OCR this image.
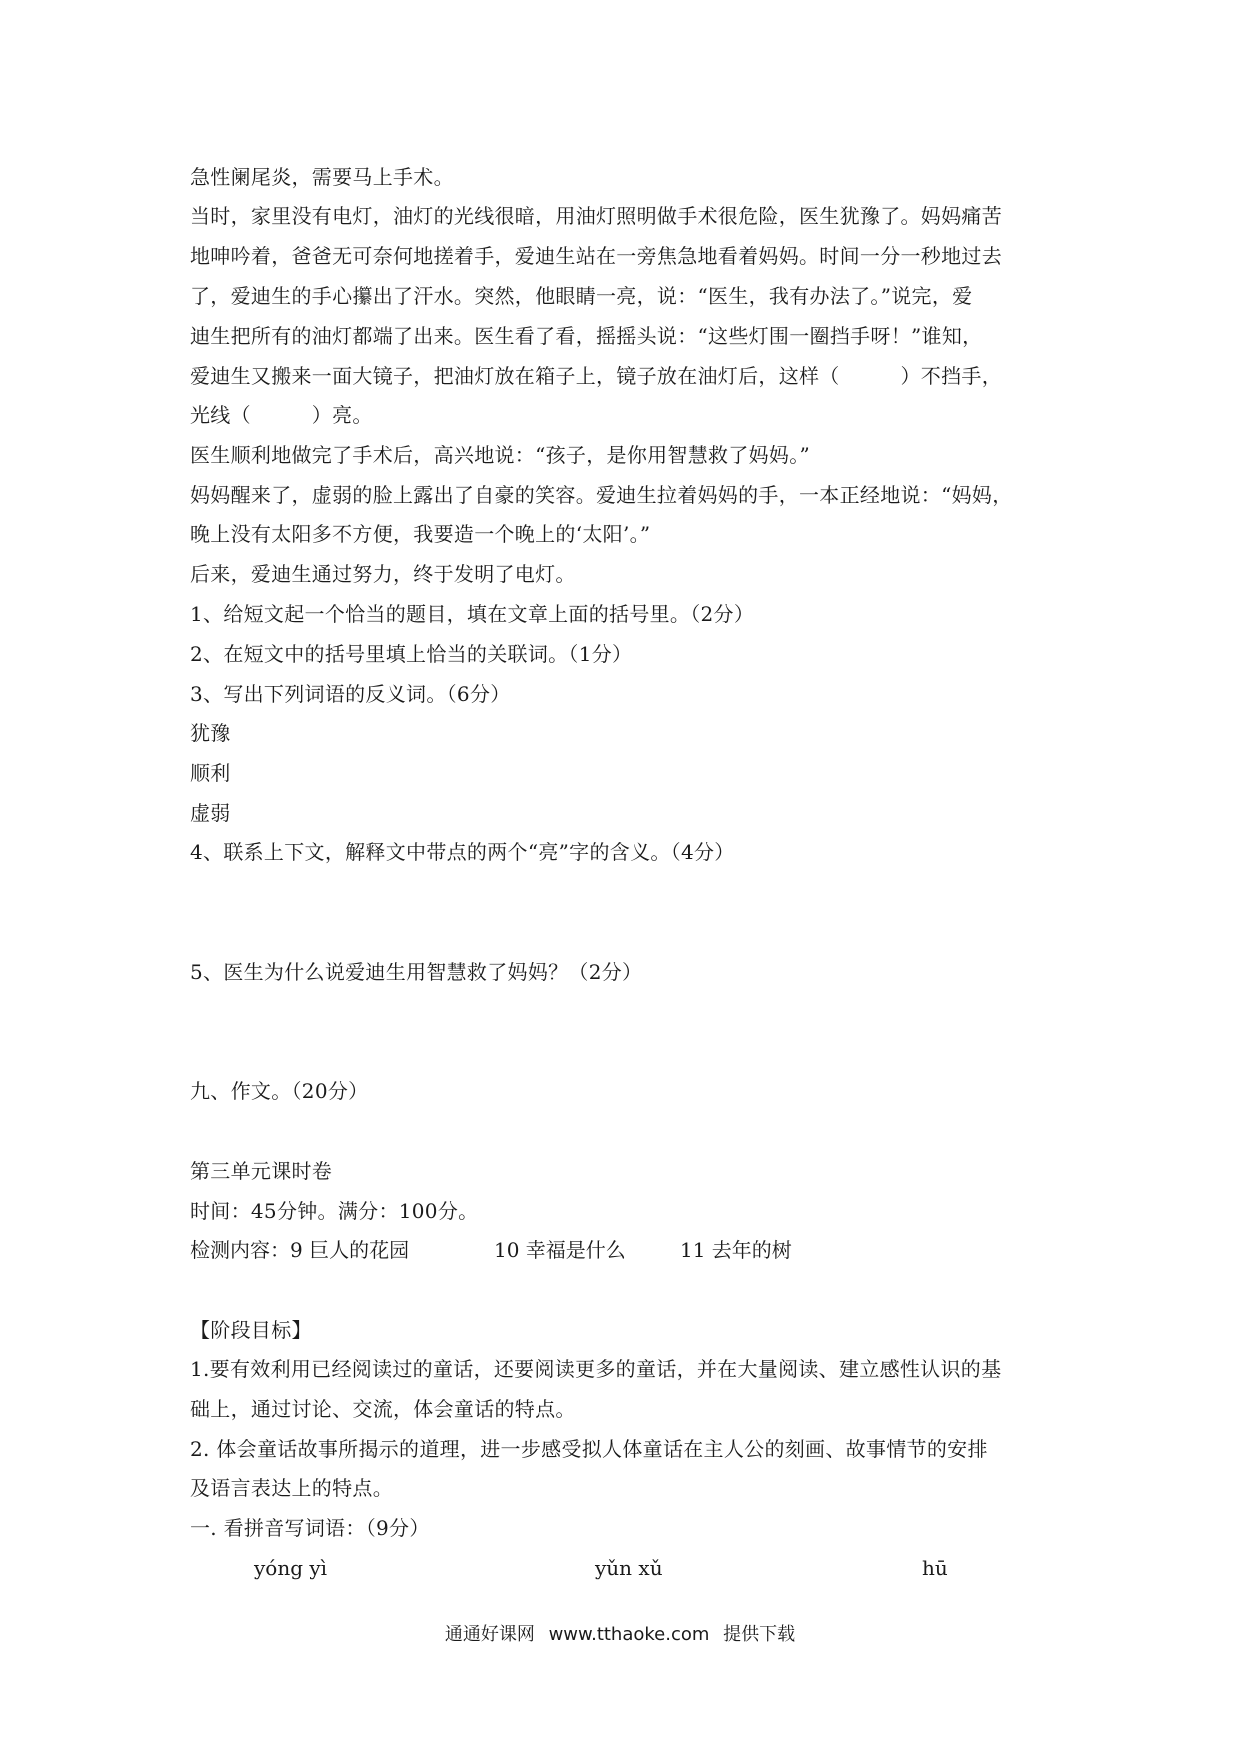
急性阑尾炎，需要马上手术。
当时，家里没有电灯，油灯的光线很暗，用油灯照明做手术很危险，医生犹豫了。妈妈痛苦
地呻吟着，爸爸无可奈何地搓着手，爱迪生站在一旁焦急地看着妈妈。时间一分一秒地过去
了，爱迪生的手心攥出了汗水。突然，他眼睛一亮，说：“医生，我有办法了。”说完，爱
迪生把所有的油灯都端了出来。医生看了看，摇摇头说：“这些灯围一圈挡手呀！”谁知，
爱迪生又搬来一面大镜子，把油灯放在箱子上，镜子放在油灯后，这样（　　　）不挡手，
光线（　　　）亮。
医生顺利地做完了手术后，高兴地说：“孩子，是你用智慧救了妈妈。”
妈妈醒来了，虚弱的脸上露出了自豪的笑容。爱迪生拉着妈妈的手，一本正经地说：“妈妈，
晚上没有太阳多不方便，我要造一个晚上的‘太阳’。”
后来，爱迪生通过努力，终于发明了电灯。
1、给短文起一个恰当的题目，填在文章上面的括号里。（2分）
2、在短文中的括号里填上恰当的关联词。（1分）
3、写出下列词语的反义词。（6分）
犹豫
顺利
虚弱
4、联系上下文，解释文中带点的两个“亮”字的含义。（4分）
5、医生为什么说爱迪生用智慧救了妈妈？（2分）
九、作文。（20分）
第三单元课时卷
时间：45分钟。满分：100分。
检测内容：9 巨人的花园	10 幸福是什么	11 去年的树
【阶段目标】
1.要有效利用已经阅读过的童话，还要阅读更多的童话，并在大量阅读、建立感性认识的基
础上，通过讨论、交流，体会童话的特点。
2. 体会童话故事所揭示的道理，进一步感受拟人体童话在主人公的刻画、故事情节的安排
及语言表达上的特点。
一. 看拼音写词语：（9分）
yóng yì	yǔn xǔ	hū
通通好课网 www.tthaoke.com 提供下载
